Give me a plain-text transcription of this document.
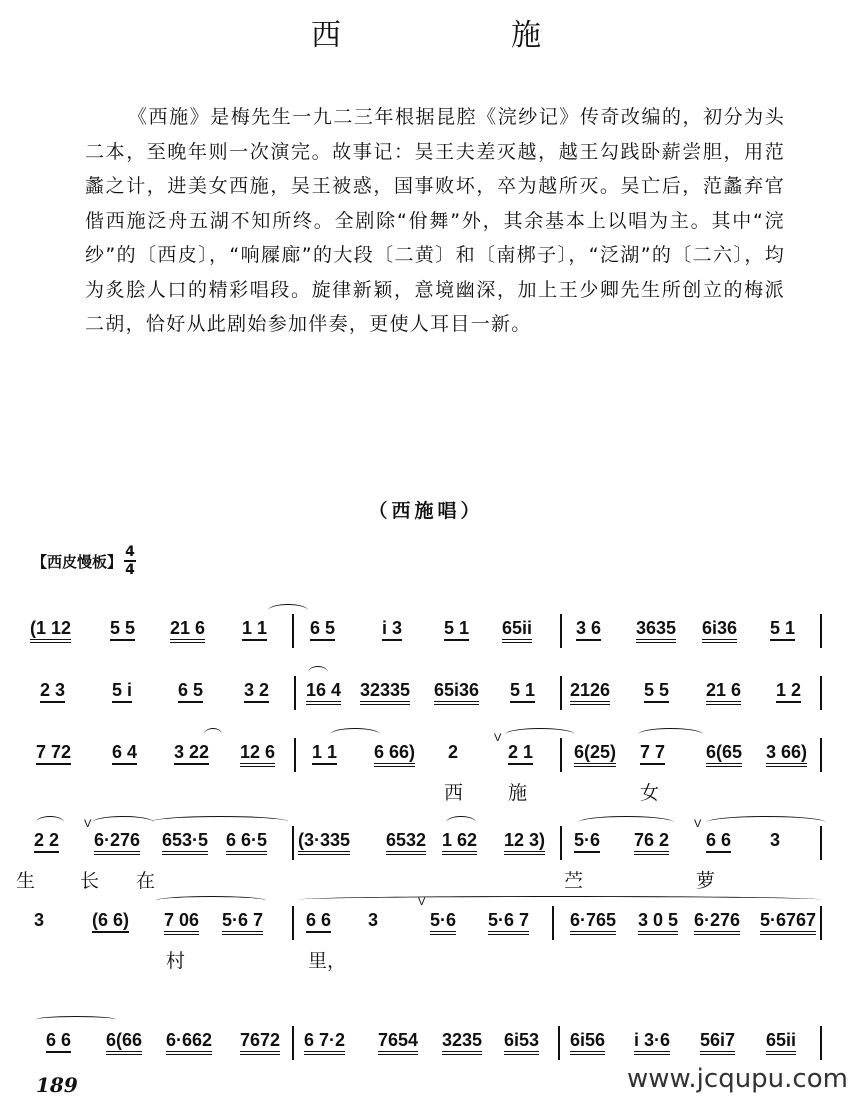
西　施
《西施》是梅先生一九二三年根据昆腔《浣纱记》传奇改编的，初分为头二本，至晚年则一次演完。故事记：吴王夫差灭越，越王勾践卧薪尝胆，用范蠡之计，进美女西施，吴王被惑，国事败坏，卒为越所灭。吴亡后，范蠡弃官偕西施泛舟五湖不知所终。全剧除“佾舞”外，其余基本上以唱为主。其中“浣纱”的〔西皮〕，“响屧廊”的大段〔二黄〕和〔南梆子〕，“泛湖”的〔二六〕，均为炙脍人口的精彩唱段。旋律新颖，意境幽深，加上王少卿先生所创立的梅派二胡，恰好从此剧始参加伴奏，更使人耳目一新。
（西施唱）
【西皮慢板】
4
4
(1 12 5 5 21 6 1 1 6 5	i 3 5 1 65ii 3 6 3635 6i36 5 1
2 3	5 i	6 5 3 2 16 4 32335 65i36 5 1 2126 5 5 21 6 1 2
7 72 6 4 3 22 12 6 1 1 6 66) 2
V
2 1 6(25) 7 7 6(65 3 66)
西 施	女
2 2
V
6·276 653·5 6 6·5 (3·335 6532 1 62 12 3) 5·6 76 2
V
6 6 3
生 长 在	苎	萝
3	(6 6) 7 06 5·6 7 6 6 3
V
5·6 5·6 7 6·765 3 0 5 6·276 5·6767
村	里，
6 6 6(66 6·662 7672 6 7·2 7654 3235 6i53 6i56 i 3·6 56i7 65ii
189	www.jcqupu.com
